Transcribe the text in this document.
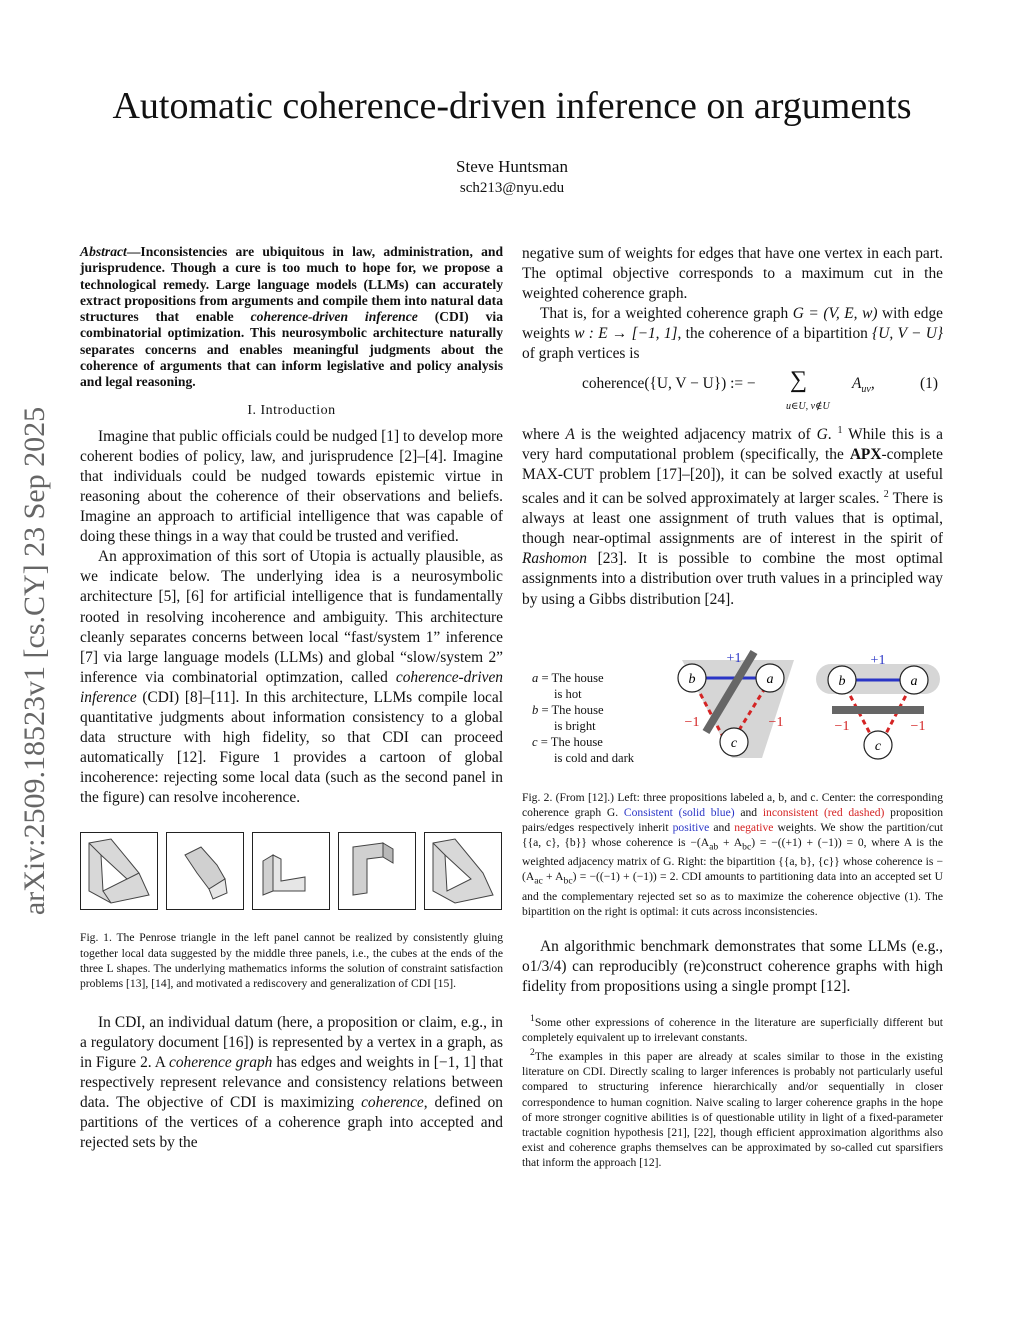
Automatic coherence-driven inference on arguments
Steve Huntsman
sch213@nyu.edu
arXiv:2509.18523v1 [cs.CY] 23 Sep 2025

Abstract—Inconsistencies are ubiquitous in law, administration, and jurisprudence. Though a cure is too much to hope for, we propose a technological remedy. Large language models (LLMs) can accurately extract propositions from arguments and compile them into natural data structures that enable coherence-driven inference (CDI) via combinatorial optimization. This neurosymbolic architecture naturally separates concerns and enables meaningful judgments about the coherence of arguments that can inform legislative and policy analysis and legal reasoning.

I. Introduction

Imagine that public officials could be nudged [1] to develop more coherent bodies of policy, law, and jurisprudence [2]–[4]. Imagine that individuals could be nudged towards epistemic virtue in reasoning about the coherence of their observations and beliefs. Imagine an approach to artificial intelligence that was capable of doing these things in a way that could be trusted and verified.

An approximation of this sort of Utopia is actually plausible, as we indicate below. The underlying idea is a neurosymbolic architecture [5], [6] for artificial intelligence that is fundamentally rooted in resolving incoherence and ambiguity. This architecture cleanly separates concerns between local “fast/system 1” inference [7] via large language models (LLMs) and global “slow/system 2” inference via combinatorial optimzation, called coherence-driven inference (CDI) [8]–[11]. In this architecture, LLMs compile local quantitative judgments about information consistency to a global data structure with high fidelity, so that CDI can proceed automatically [12]. Figure 1 provides a cartoon of global incoherence: rejecting some local data (such as the second panel in the figure) can resolve incoherence.

Fig. 1. The Penrose triangle in the left panel cannot be realized by consistently gluing together local data suggested by the middle three panels, i.e., the cubes at the ends of the three L shapes. The underlying mathematics informs the solution of constraint satisfaction problems [13], [14], and motivated a rediscovery and generalization of CDI [15].

In CDI, an individual datum (here, a proposition or claim, e.g., in a regulatory document [16]) is represented by a vertex in a graph, as in Figure 2. A coherence graph has edges and weights in [−1, 1] that respectively represent relevance and consistency relations between data. The objective of CDI is maximizing coherence, defined on partitions of the vertices of a coherence graph into accepted and rejected sets by the

negative sum of weights for edges that have one vertex in each part. The optimal objective corresponds to a maximum cut in the weighted coherence graph.

That is, for a weighted coherence graph G = (V, E, w) with edge weights w : E → [−1, 1], the coherence of a bipartition {U, V − U} of graph vertices is

coherence({U, V − U}) := − ∑
u∈U, v∉U
$A_{uv}$,	(1)

where A is the weighted adjacency matrix of G. $^1$ While this is a very hard computational problem (specifically, the APX-complete MAX-CUT problem [17]–[20]), it can be solved exactly at useful scales and it can be solved approximately at larger scales. $^2$ There is always at least one assignment of truth values that is optimal, though near-optimal assignments are of interest in the spirit of Rashomon [23]. It is possible to combine the most optimal assignments into a distribution over truth values in a principled way by using a Gibbs distribution [24].

a = The house
is hot
b = The house
is bright
c = The house
is cold and dark
b	a
c
+1
−1	−1
b	a
c
+1
−1	−1

Fig. 2. (From [12].) Left: three propositions labeled a, b, and c. Center: the corresponding coherence graph G. Consistent (solid blue) and inconsistent (red dashed) proposition pairs/edges respectively inherit positive and negative weights. We show the partition/cut {{a, c}, {b}} whose coherence is $-(A_{ab} + A_{bc}) = -((+1) + (-1)) = 0$, where A is the weighted adjacency matrix of G. Right: the bipartition {{a, b}, {c}} whose coherence is $-(A_{ac} + A_{bc}) = -((-1) + (-1)) = 2$. CDI amounts to partitioning data into an accepted set U and the complementary rejected set so as to maximize the coherence objective (1). The bipartition on the right is optimal: it cuts across inconsistencies.

An algorithmic benchmark demonstrates that some LLMs (e.g., o1/3/4) can reproducibly (re)construct coherence graphs with high fidelity from propositions using a single prompt [12].

$^1$Some other expressions of coherence in the literature are superficially different but completely equivalent up to irrelevant constants.

$^2$The examples in this paper are already at scales similar to those in the existing literature on CDI. Directly scaling to larger inferences is probably not particularly useful compared to structuring inference hierarchically and/or sequentially in closer correspondence to human cognition. Naive scaling to larger coherence graphs in the hope of more stronger cognitive abilities is of questionable utility in light of a fixed-parameter tractable cognition hypothesis [21], [22], though efficient approximation algorithms also exist and coherence graphs themselves can be approximated by so-called cut sparsifiers that inform the approach [12].
